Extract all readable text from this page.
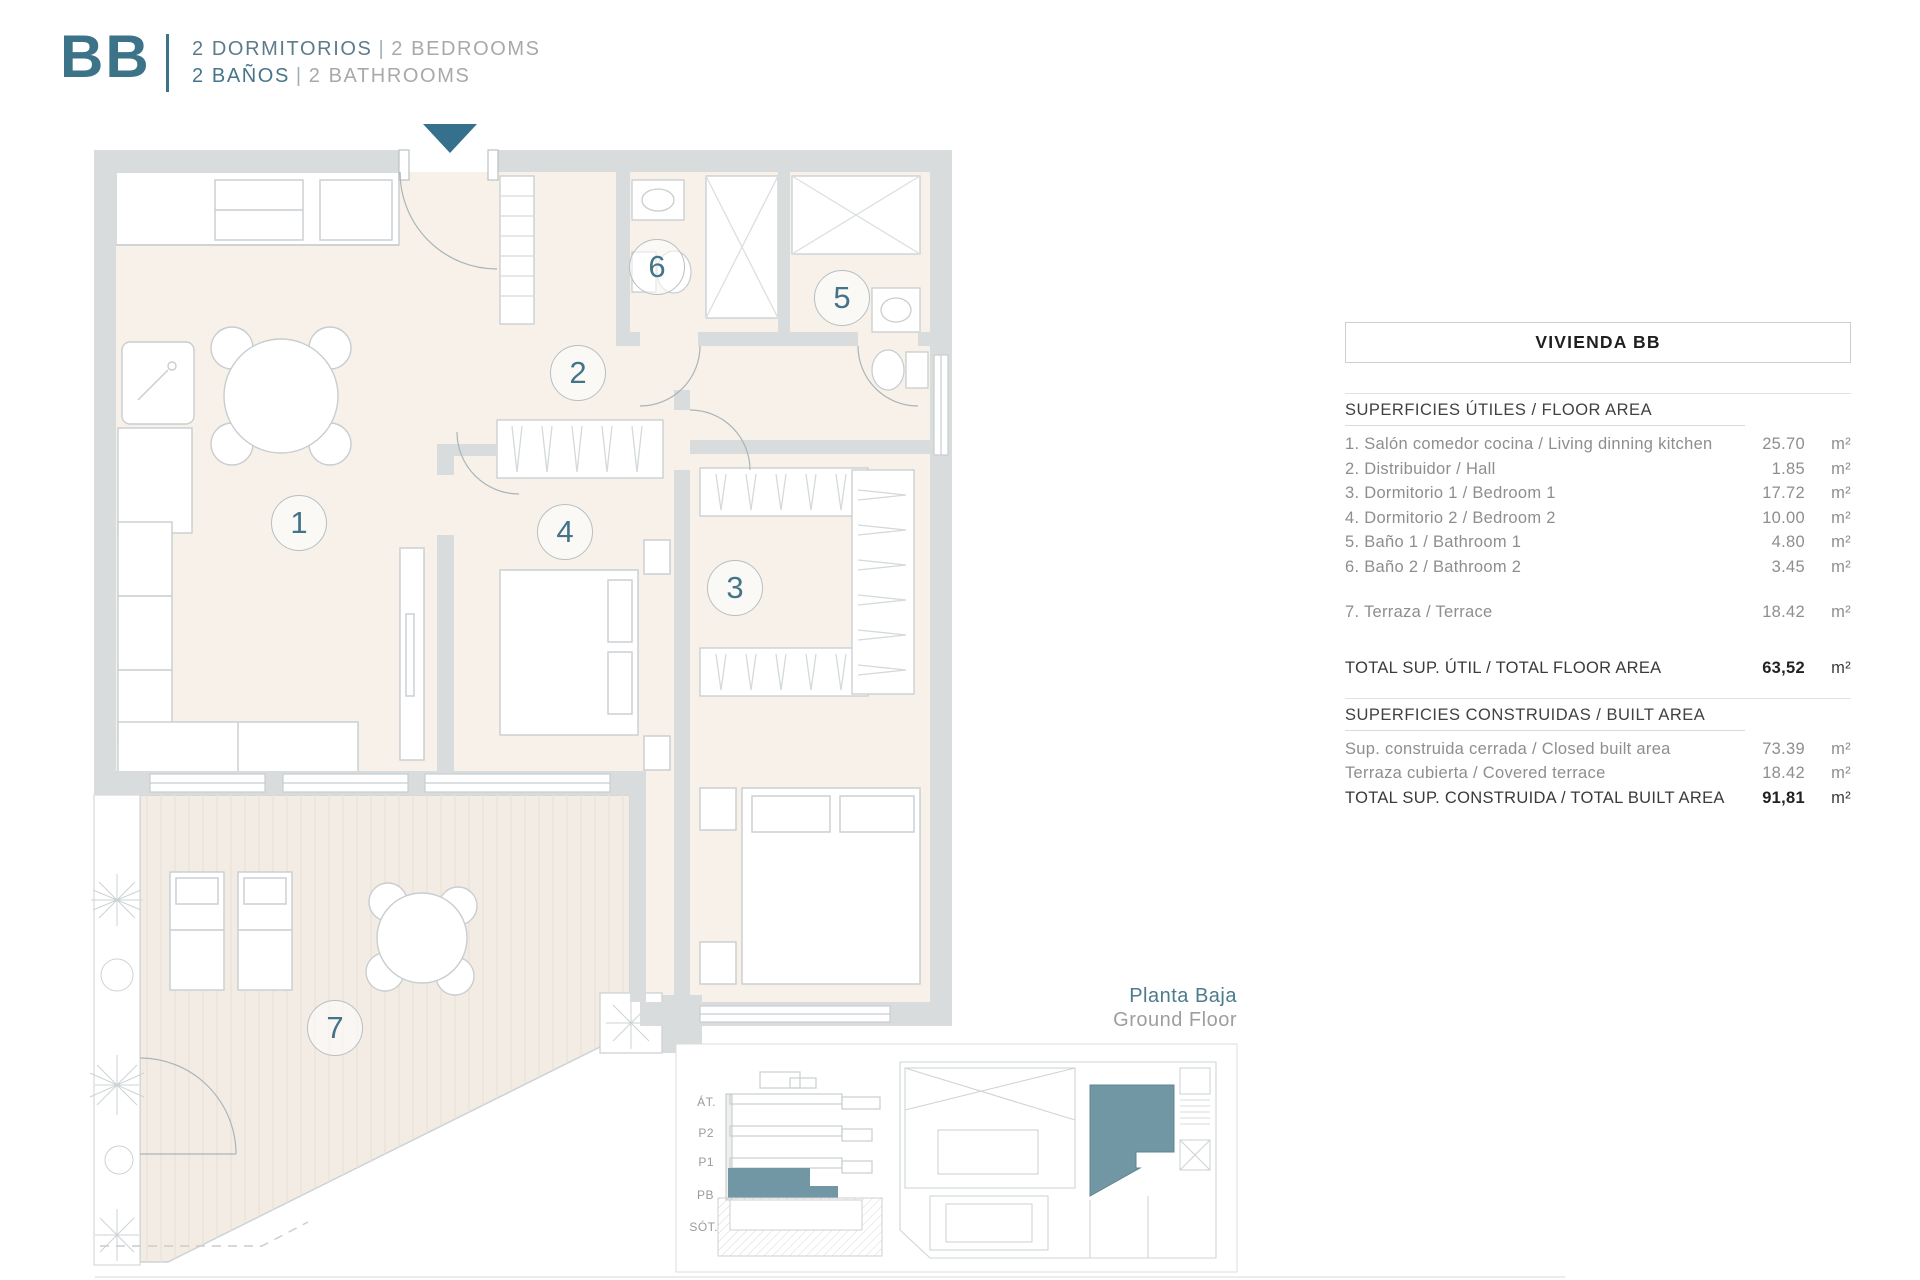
ÁT.
P2
P1
PB
SÓT.
BB 2 DORMITORIOS | 2 BEDROOMS
2 BAÑOS | 2 BATHROOMS
1
2
3
4
5
6
7
VIVIENDA BB
SUPERFICIES ÚTILES / FLOOR AREA
1. Salón comedor cocina / Living dinning kitchen	25.70	m²
2. Distribuidor / Hall	1.85	m²
3. Dormitorio 1 / Bedroom 1	17.72	m²
4. Dormitorio 2 / Bedroom 2	10.00	m²
5. Baño 1 / Bathroom 1	4.80	m²
6. Baño 2 / Bathroom 2	3.45	m²
7. Terraza / Terrace	18.42	m²
TOTAL SUP. ÚTIL / TOTAL FLOOR AREA	63,52	m²
SUPERFICIES CONSTRUIDAS / BUILT AREA
Sup. construida cerrada / Closed built area	73.39	m²
Terraza cubierta / Covered terrace	18.42	m²
TOTAL SUP. CONSTRUIDA / TOTAL BUILT AREA	91,81	m²
Planta Baja
Ground Floor
